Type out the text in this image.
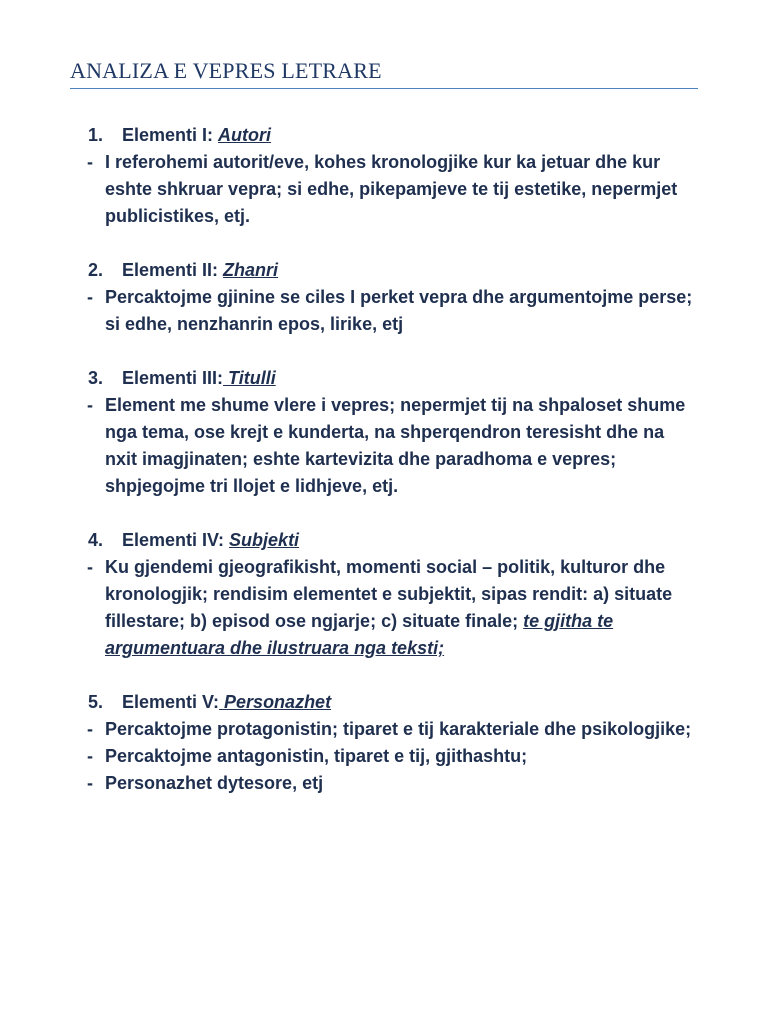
ANALIZA E VEPRES LETRARE
1. Elementi I: Autori
- I referohemi autorit/eve, kohes kronologjike kur ka jetuar dhe kur eshte shkruar vepra; si edhe, pikepamjeve te tij estetike, nepermjet publicistikes, etj.
2. Elementi II: Zhanri
- Percaktojme gjinine se ciles I perket vepra dhe argumentojme perse; si edhe, nenzhanrin epos, lirike, etj
3. Elementi III: Titulli
- Element me shume vlere i vepres; nepermjet tij na shpaloset shume nga tema, ose krejt e kunderta, na shperqendron teresisht dhe na nxit imagjinaten; eshte kartevizita dhe paradhoma e vepres; shpjegojme tri llojet e lidhjeve, etj.
4. Elementi IV: Subjekti
- Ku gjendemi gjeografikisht, momenti social – politik, kulturor dhe kronologjik; rendisim elementet e subjektit, sipas rendit: a) situate fillestare; b) episod ose ngjarje; c) situate finale; te gjitha te argumentuara dhe ilustruara nga teksti;
5. Elementi V: Personazhet
- Percaktojme protagonistin; tiparet e tij karakteriale dhe psikologjike;
- Percaktojme antagonistin, tiparet e tij, gjithashtu;
- Personazhet dytesore, etj
